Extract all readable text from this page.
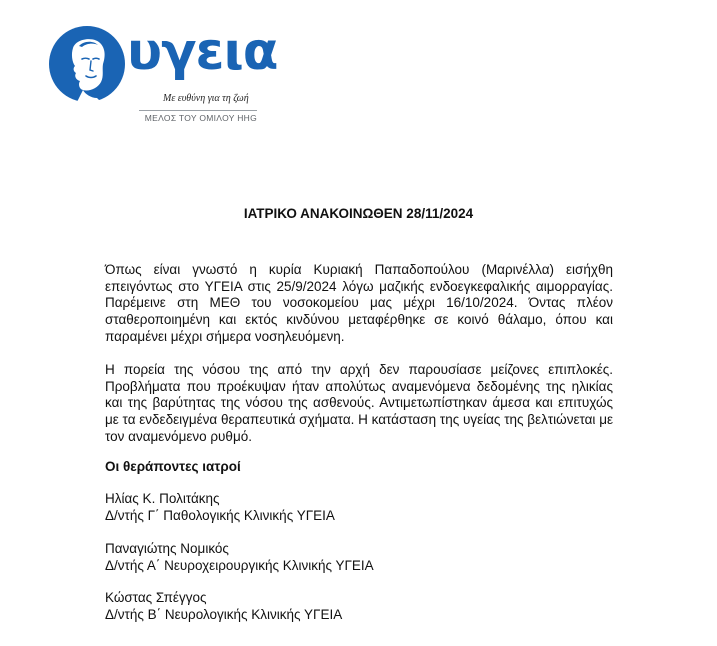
υγεια
Με ευθύνη για τη ζωή
ΜΕΛΟΣ ΤΟΥ ΟΜΙΛΟΥ HHG
ΙΑΤΡΙΚΟ ΑΝΑΚΟΙΝΩΘΕΝ 28/11/2024

Όπως είναι γνωστό η κυρία Κυριακή Παπαδοπούλου (Μαρινέλλα) εισήχθη επειγόντως στο ΥΓΕΙΑ στις 25/9/2024 λόγω μαζικής ενδοεγκεφαλικής αιμορραγίας. Παρέμεινε στη ΜΕΘ του νοσοκομείου μας μέχρι 16/10/2024. Όντας πλέον σταθεροποιημένη και εκτός κινδύνου μεταφέρθηκε σε κοινό θάλαμο, όπου και παραμένει μέχρι σήμερα νοσηλευόμενη.

Η πορεία της νόσου της από την αρχή δεν παρουσίασε μείζονες επιπλοκές. Προβλήματα που προέκυψαν ήταν απολύτως αναμενόμενα δεδομένης της ηλικίας και της βαρύτητας της νόσου της ασθενούς. Αντιμετωπίστηκαν άμεσα και επιτυχώς με τα ενδεδειγμένα θεραπευτικά σχήματα. Η κατάσταση της υγείας της βελτιώνεται με τον αναμενόμενο ρυθμό.

Οι θεράποντες ιατροί
Ηλίας Κ. Πολιτάκης
Δ/ντής Γ΄ Παθολογικής Κλινικής ΥΓΕΙΑ
Παναγιώτης Νομικός
Δ/ντής Α΄ Νευροχειρουργικής Κλινικής ΥΓΕΙΑ
Κώστας Σπέγγος
Δ/ντής Β΄ Νευρολογικής Κλινικής ΥΓΕΙΑ
